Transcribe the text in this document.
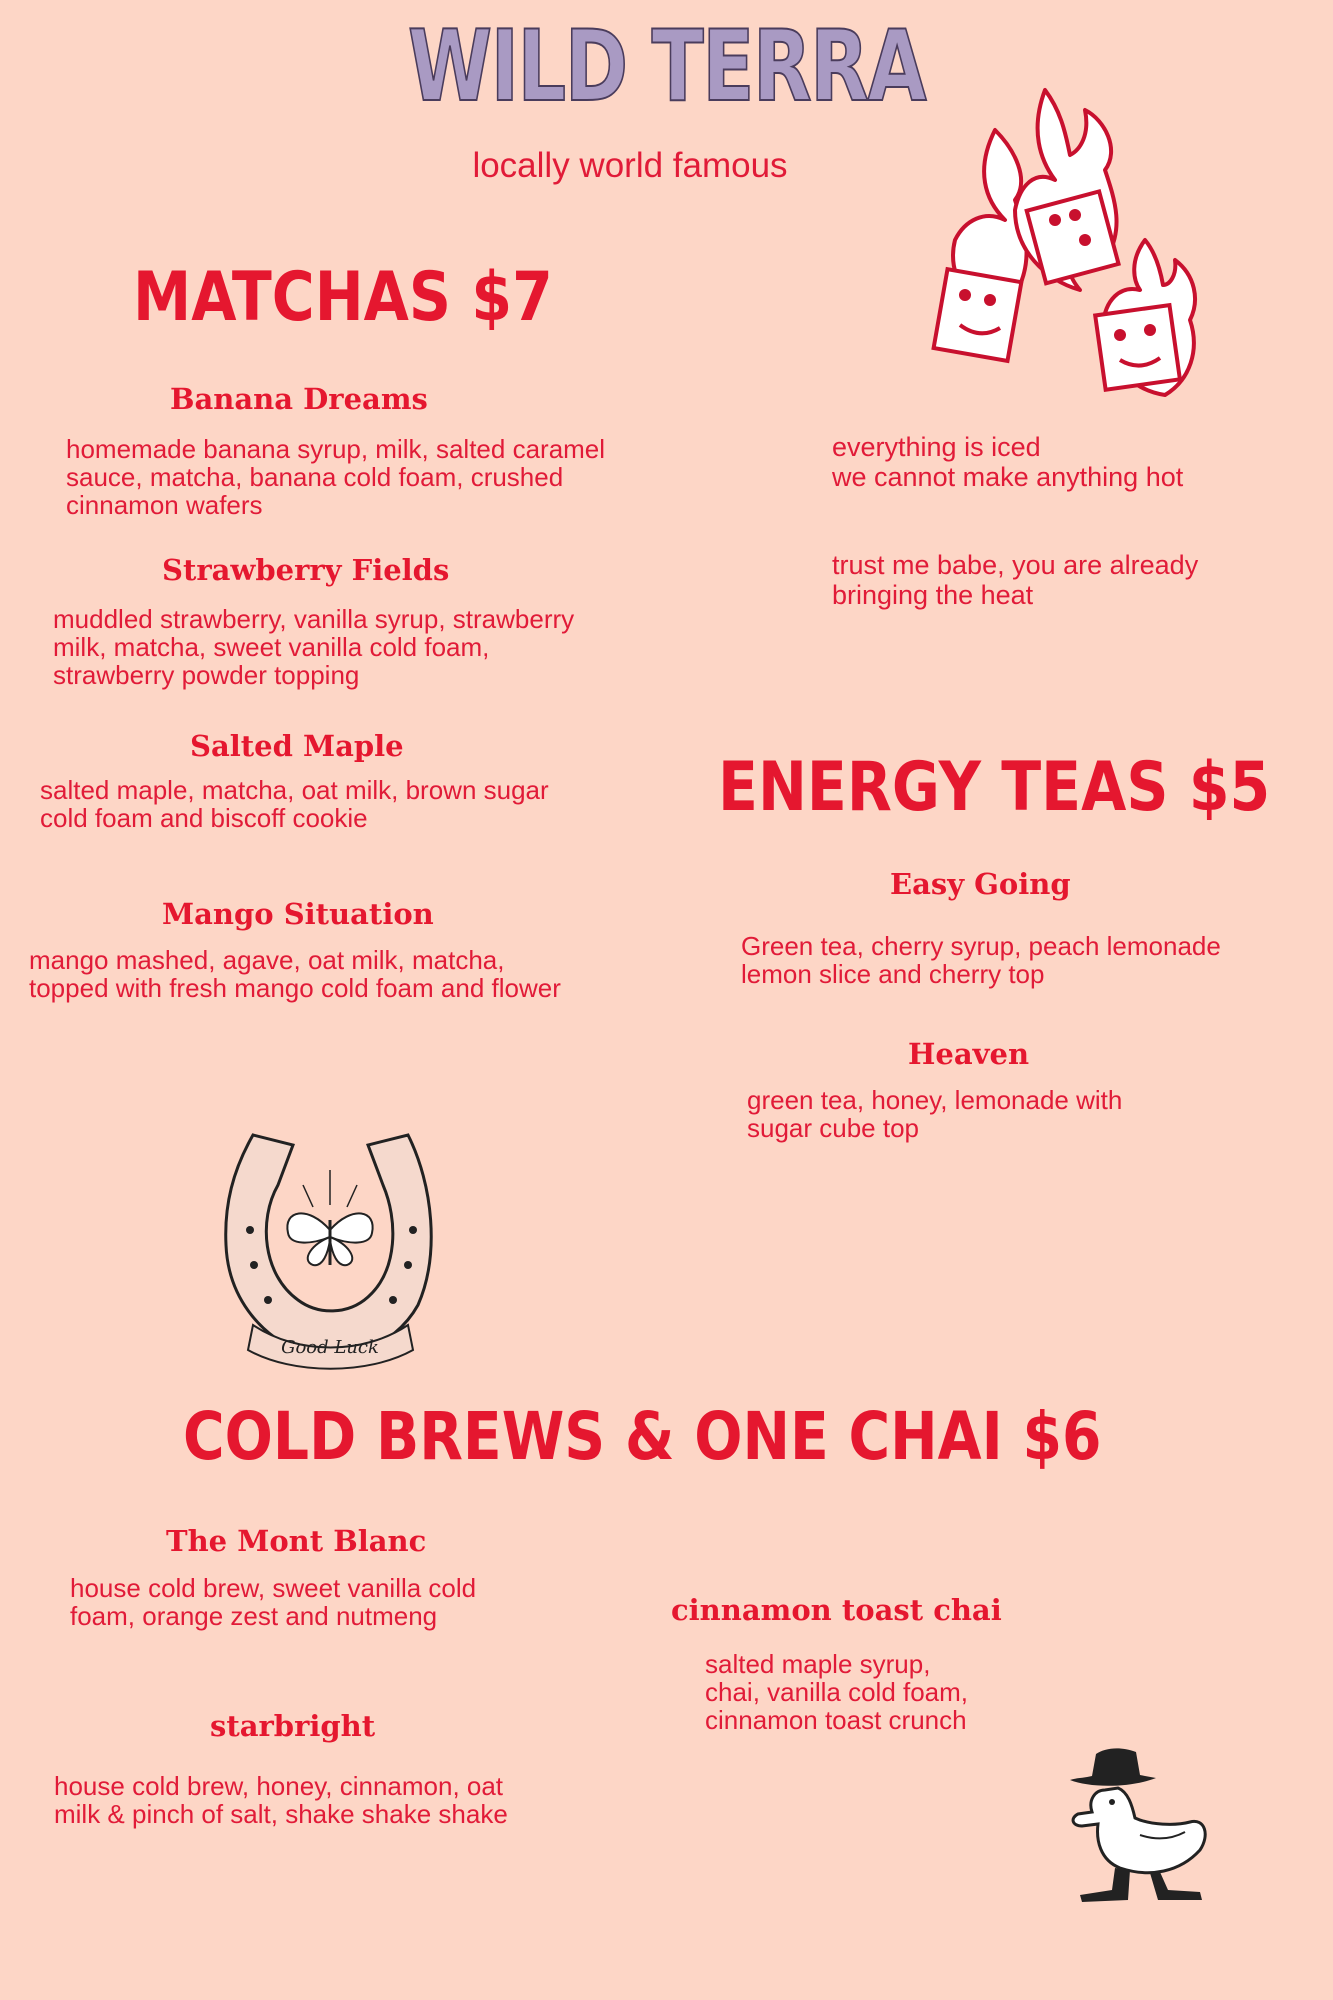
WILD TERRA
locally world famous
MATCHAS $7
Banana Dreams
homemade banana syrup, milk, salted caramel
sauce, matcha, banana cold foam, crushed
cinnamon wafers
Strawberry Fields
muddled strawberry, vanilla syrup, strawberry
milk, matcha, sweet vanilla cold foam,
strawberry powder topping
Salted Maple
salted maple, matcha, oat milk, brown sugar
cold foam and biscoff cookie
Mango Situation
mango mashed, agave, oat milk, matcha,
topped with fresh mango cold foam and flower
everything is iced
we cannot make anything hot
trust me babe, you are already
bringing the heat
ENERGY TEAS $5
Easy Going
Green tea, cherry syrup, peach lemonade
lemon slice and cherry top
Heaven
green tea, honey, lemonade with
sugar cube top
Good Luck
COLD BREWS & ONE CHAI $6
The Mont Blanc
house cold brew, sweet vanilla cold
foam, orange zest and nutmeng
starbright
house cold brew, honey, cinnamon, oat
milk & pinch of salt, shake shake shake
cinnamon toast chai
salted maple syrup,
chai, vanilla cold foam,
cinnamon toast crunch
